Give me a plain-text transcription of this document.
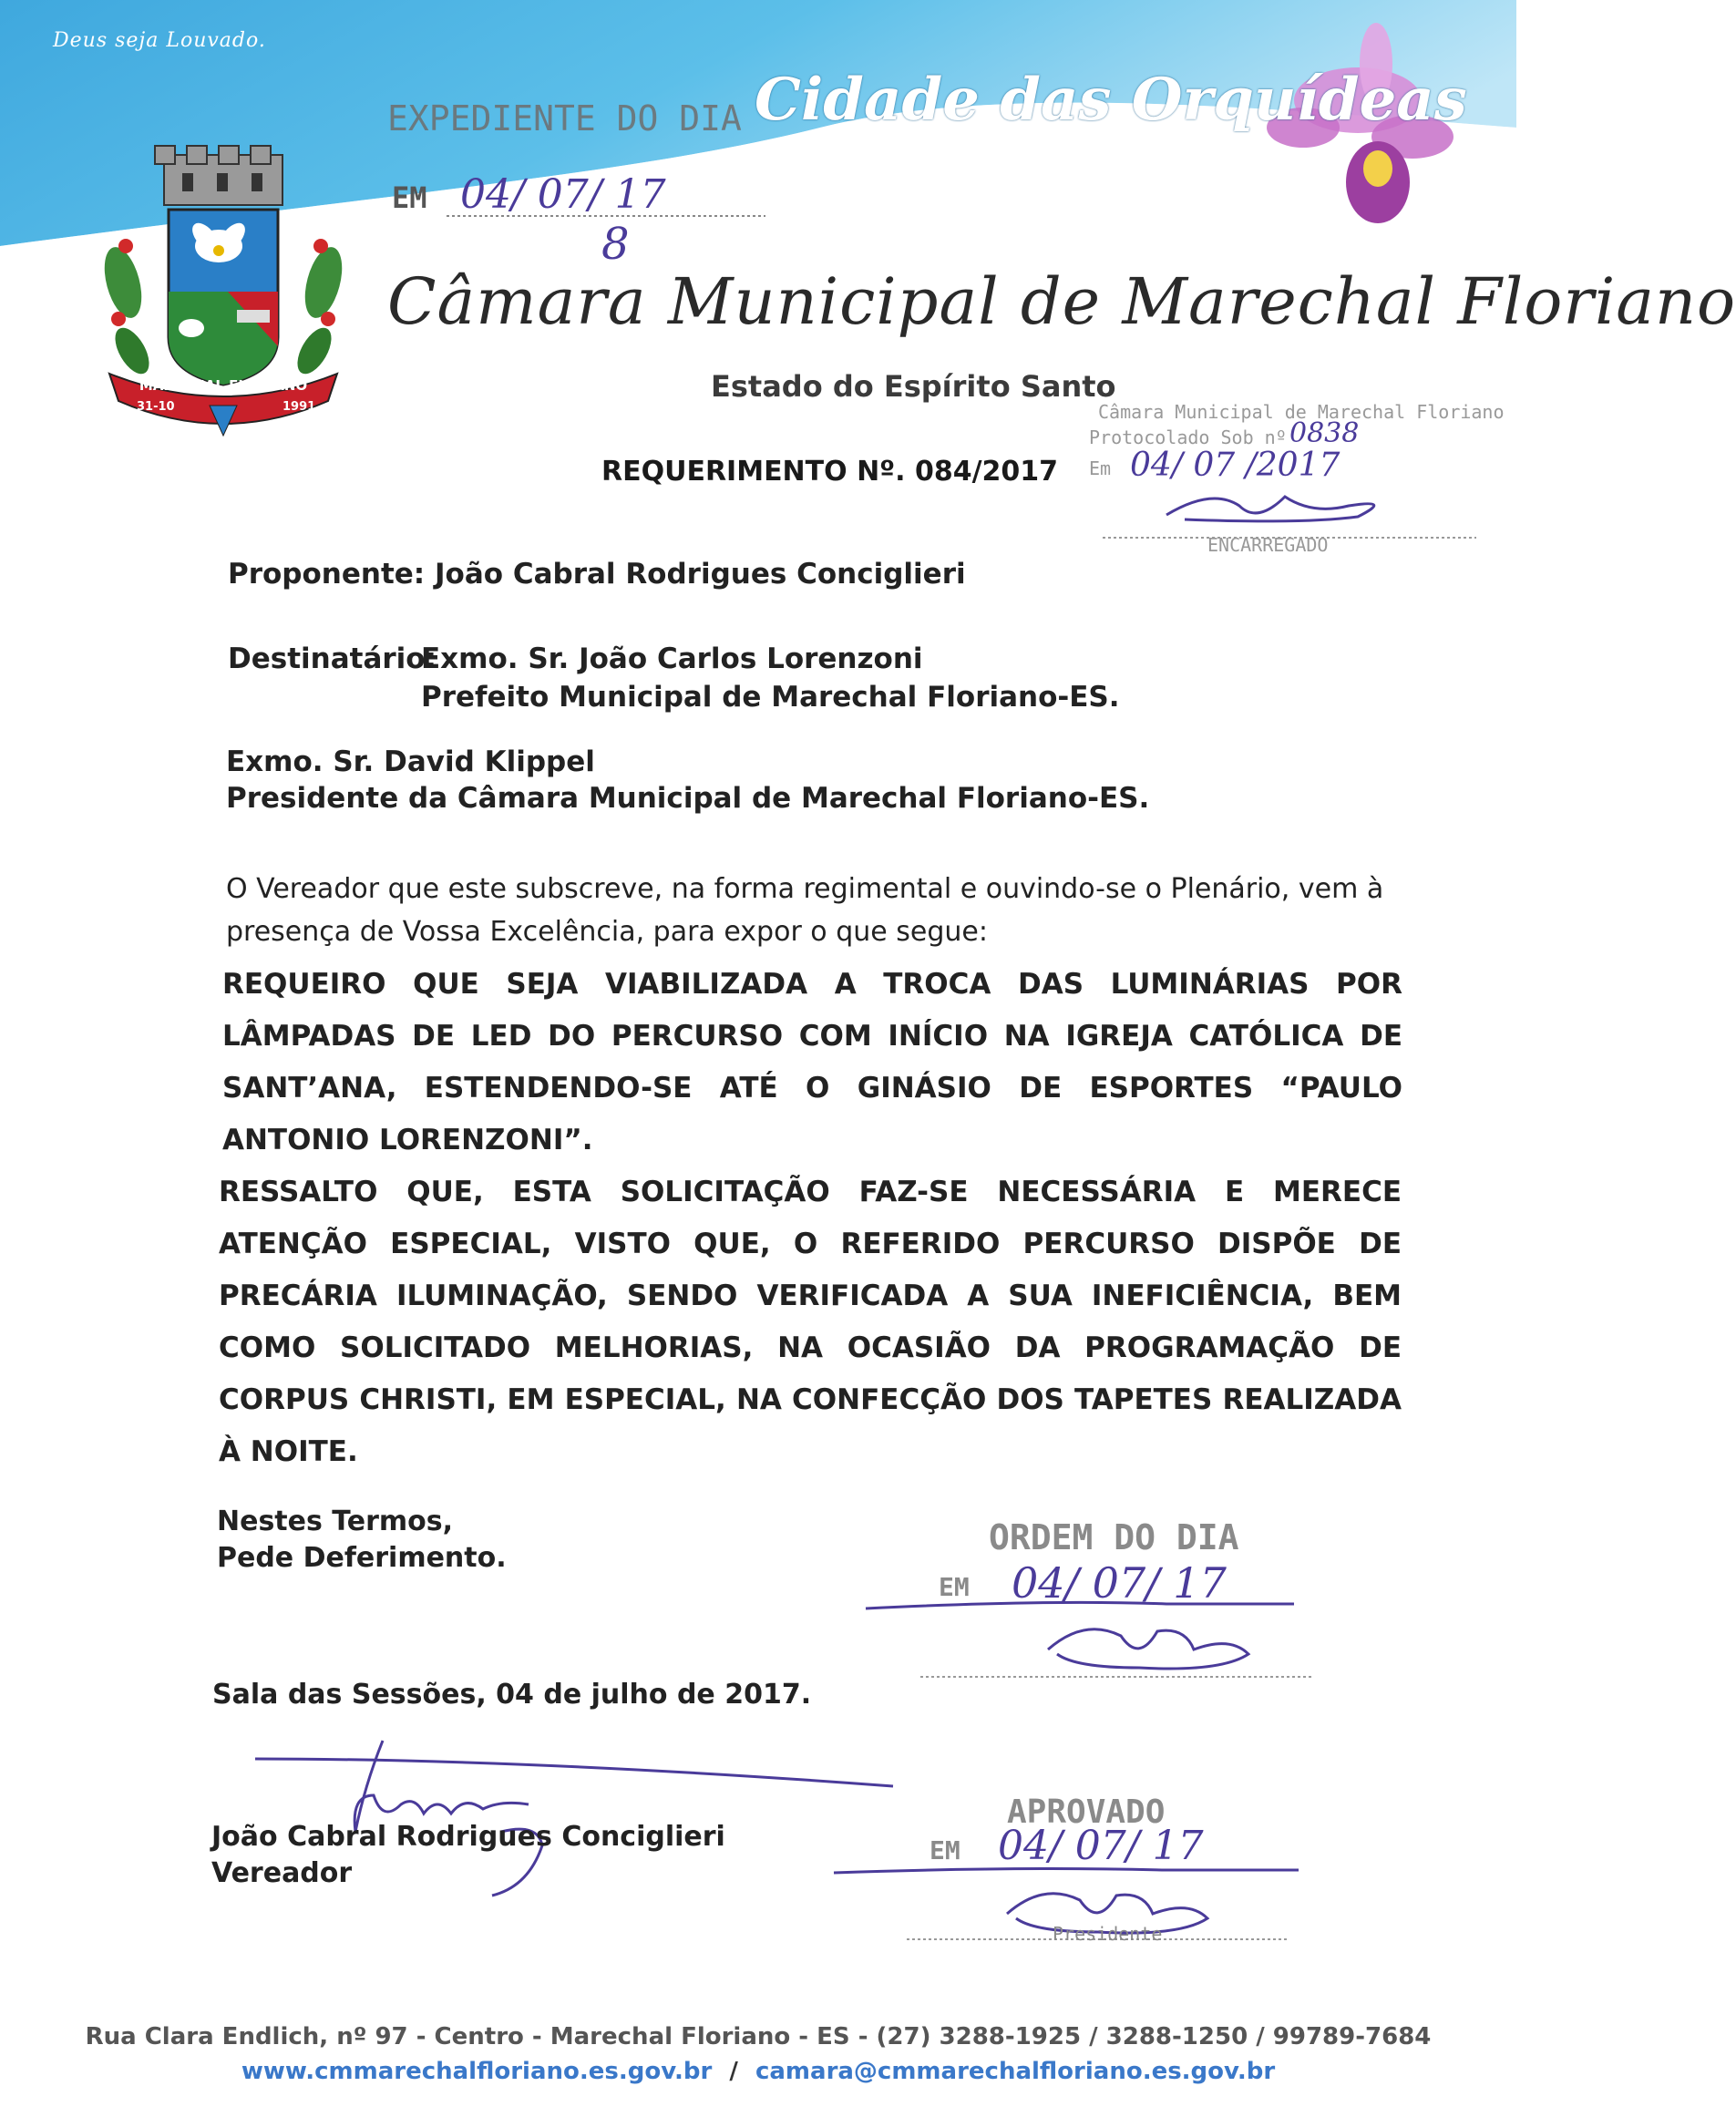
Deus seja Louvado.
Cidade das Orquídeas
MARECHAL FLORIANO
31-10	1991
Câmara Municipal de Marechal Floriano
Estado do Espírito Santo
EXPEDIENTE DO DIA
EM 04/ 07/ 17
8
Câmara Municipal de Marechal Floriano
Protocolado Sob nº 0838
Em 04/ 07 /2017
ENCARREGADO
REQUERIMENTO Nº. 084/2017
Proponente: João Cabral Rodrigues Conciglieri
Destinatário:
Exmo. Sr. João Carlos Lorenzoni
Prefeito Municipal de Marechal Floriano-ES.
Exmo. Sr. David Klippel
Presidente da Câmara Municipal de Marechal Floriano-ES.
O Vereador que este subscreve, na forma regimental e ouvindo-se o Plenário, vem à presença de Vossa Excelência, para expor o que segue:
REQUEIRO QUE SEJA VIABILIZADA A TROCA DAS LUMINÁRIAS POR LÂMPADAS DE LED DO PERCURSO COM INÍCIO NA IGREJA CATÓLICA DE SANT’ANA, ESTENDENDO-SE ATÉ O GINÁSIO DE ESPORTES “PAULO ANTONIO LORENZONI”.
RESSALTO QUE, ESTA SOLICITAÇÃO FAZ-SE NECESSÁRIA E MERECE ATENÇÃO ESPECIAL, VISTO QUE, O REFERIDO PERCURSO DISPÕE DE PRECÁRIA ILUMINAÇÃO, SENDO VERIFICADA A SUA INEFICIÊNCIA, BEM COMO SOLICITADO MELHORIAS, NA OCASIÃO DA PROGRAMAÇÃO DE CORPUS CHRISTI, EM ESPECIAL, NA CONFECÇÃO DOS TAPETES REALIZADA À NOITE.
Nestes Termos,
Pede Deferimento.
ORDEM DO DIA
EM 04/ 07/ 17
Sala das Sessões, 04 de julho de 2017.
João Cabral Rodrigues Conciglieri
Vereador
APROVADO
EM 04/ 07/ 17
Presidente
Rua Clara Endlich, nº 97 - Centro - Marechal Floriano - ES - (27) 3288-1925 / 3288-1250 / 99789-7684
www.cmmarechalfloriano.es.gov.br / camara@cmmarechalfloriano.es.gov.br
